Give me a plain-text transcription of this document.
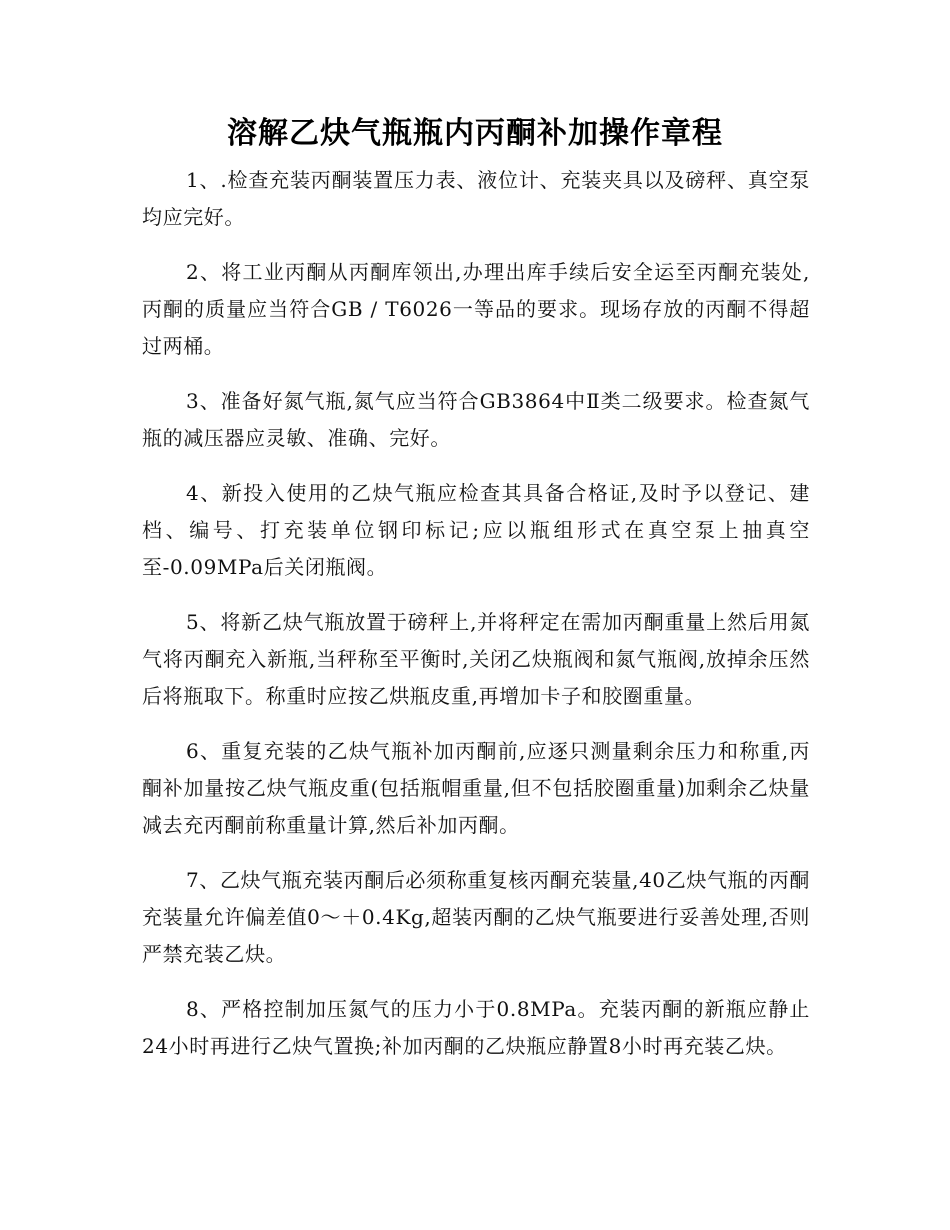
溶解乙炔气瓶瓶内丙酮补加操作章程

1、.检查充装丙酮装置压力表、液位计、充装夹具以及磅秤、真空泵均应完好。

2、将工业丙酮从丙酮库领出,办理出库手续后安全运至丙酮充装处,丙酮的质量应当符合GB / T6026一等品的要求。现场存放的丙酮不得超过两桶。

3、准备好氮气瓶,氮气应当符合GB3864中Ⅱ类二级要求。检查氮气瓶的减压器应灵敏、准确、完好。

4、新投入使用的乙炔气瓶应检查其具备合格证,及时予以登记、建档、编号、打充装单位钢印标记;应以瓶组形式在真空泵上抽真空至-0.09MPa后关闭瓶阀。

5、将新乙炔气瓶放置于磅秤上,并将秤定在需加丙酮重量上然后用氮气将丙酮充入新瓶,当秤称至平衡时,关闭乙炔瓶阀和氮气瓶阀,放掉余压然后将瓶取下。称重时应按乙烘瓶皮重,再增加卡子和胶圈重量。

6、重复充装的乙炔气瓶补加丙酮前,应逐只测量剩余压力和称重,丙酮补加量按乙炔气瓶皮重(包括瓶帽重量,但不包括胶圈重量)加剩余乙炔量减去充丙酮前称重量计算,然后补加丙酮。

7、乙炔气瓶充装丙酮后必须称重复核丙酮充装量,40乙炔气瓶的丙酮充装量允许偏差值0～＋0.4Kg,超装丙酮的乙炔气瓶要进行妥善处理,否则严禁充装乙炔。

8、严格控制加压氮气的压力小于0.8MPa。充装丙酮的新瓶应静止24小时再进行乙炔气置换;补加丙酮的乙炔瓶应静置8小时再充装乙炔。
